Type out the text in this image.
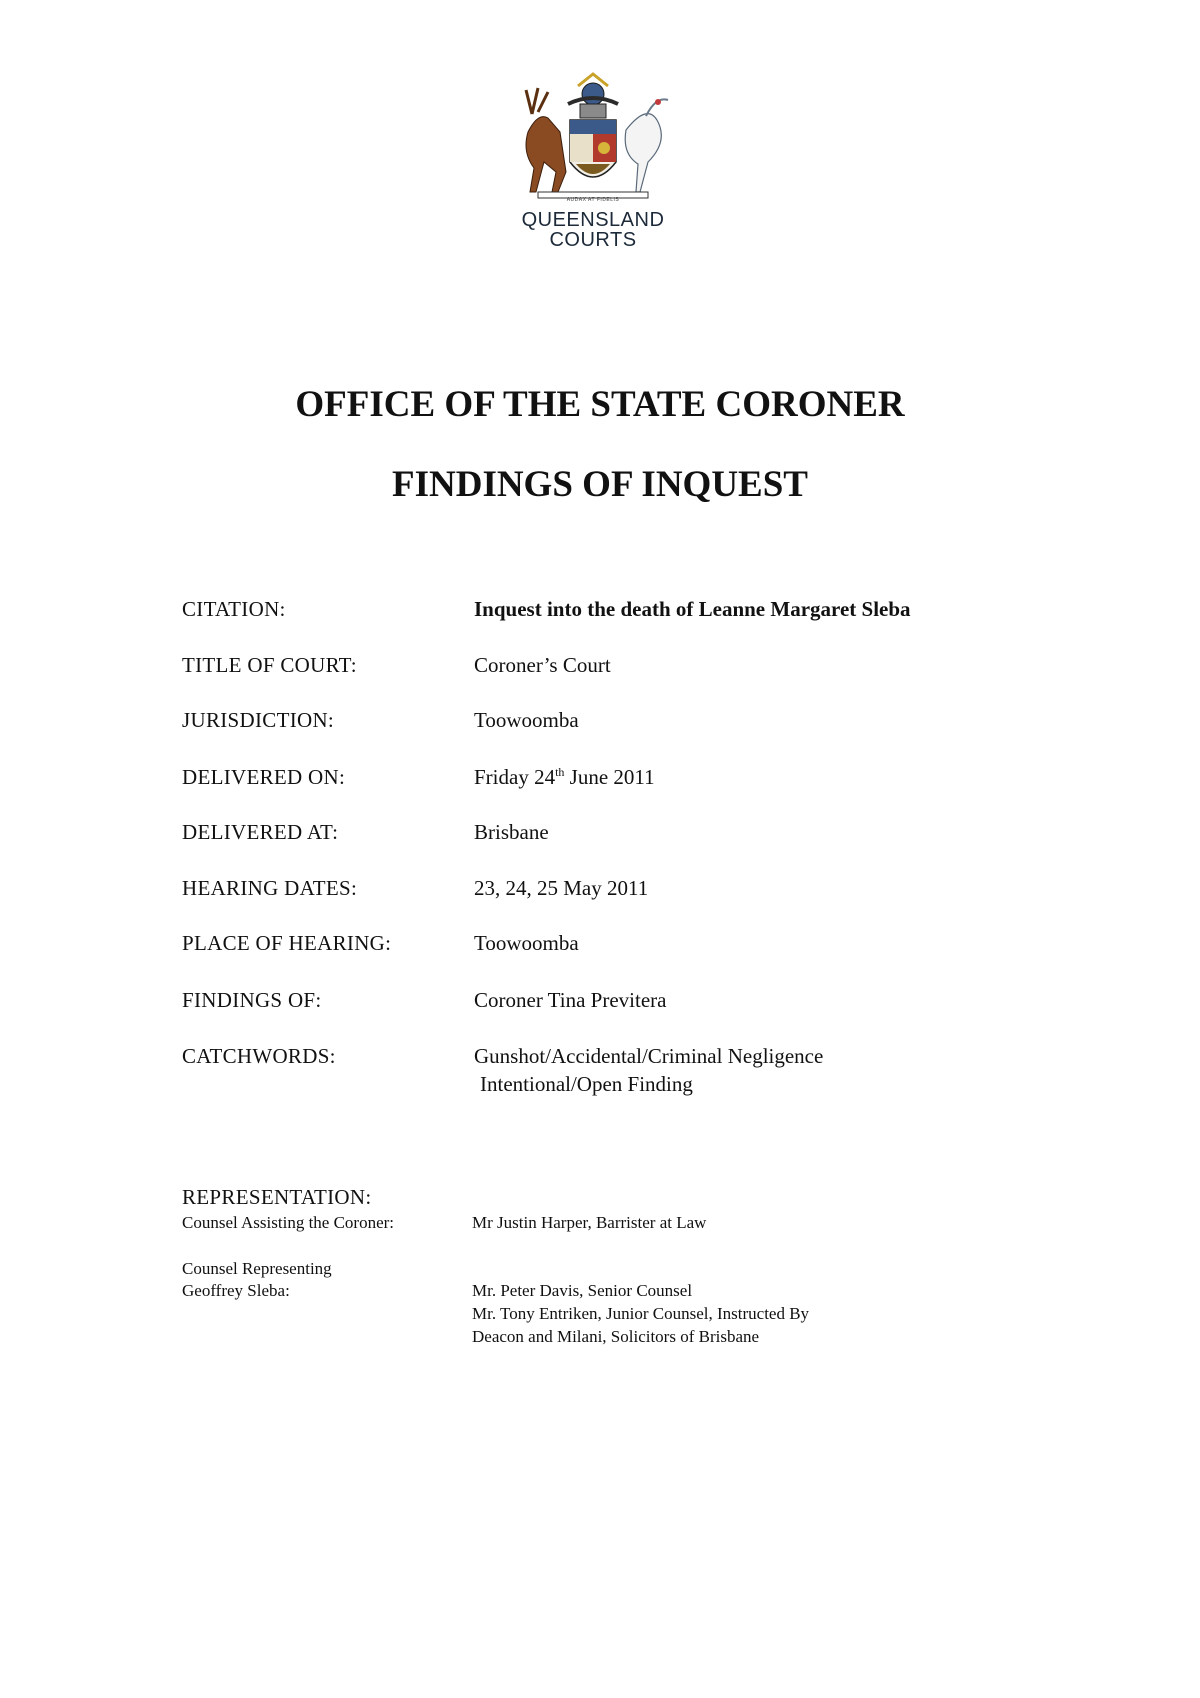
AUDAX AT FIDELIS
QUEENSLAND
COURTS
OFFICE OF THE STATE CORONER
FINDINGS OF INQUEST
CITATION:	Inquest into the death of Leanne Margaret Sleba
TITLE OF COURT:	Coroner’s Court
JURISDICTION:	Toowoomba
DELIVERED ON:	Friday 24th June 2011
DELIVERED AT:	Brisbane
HEARING DATES:	23, 24, 25 May 2011
PLACE OF HEARING:	Toowoomba
FINDINGS OF:	Coroner Tina Previtera
CATCHWORDS:	Gunshot/Accidental/Criminal Negligence
Intentional/Open Finding
REPRESENTATION:
Counsel Assisting the Coroner:	Mr Justin Harper, Barrister at Law
Counsel Representing
Geoffrey Sleba:	Mr. Peter Davis, Senior Counsel
Mr. Tony Entriken, Junior Counsel, Instructed By
Deacon and Milani, Solicitors of Brisbane
